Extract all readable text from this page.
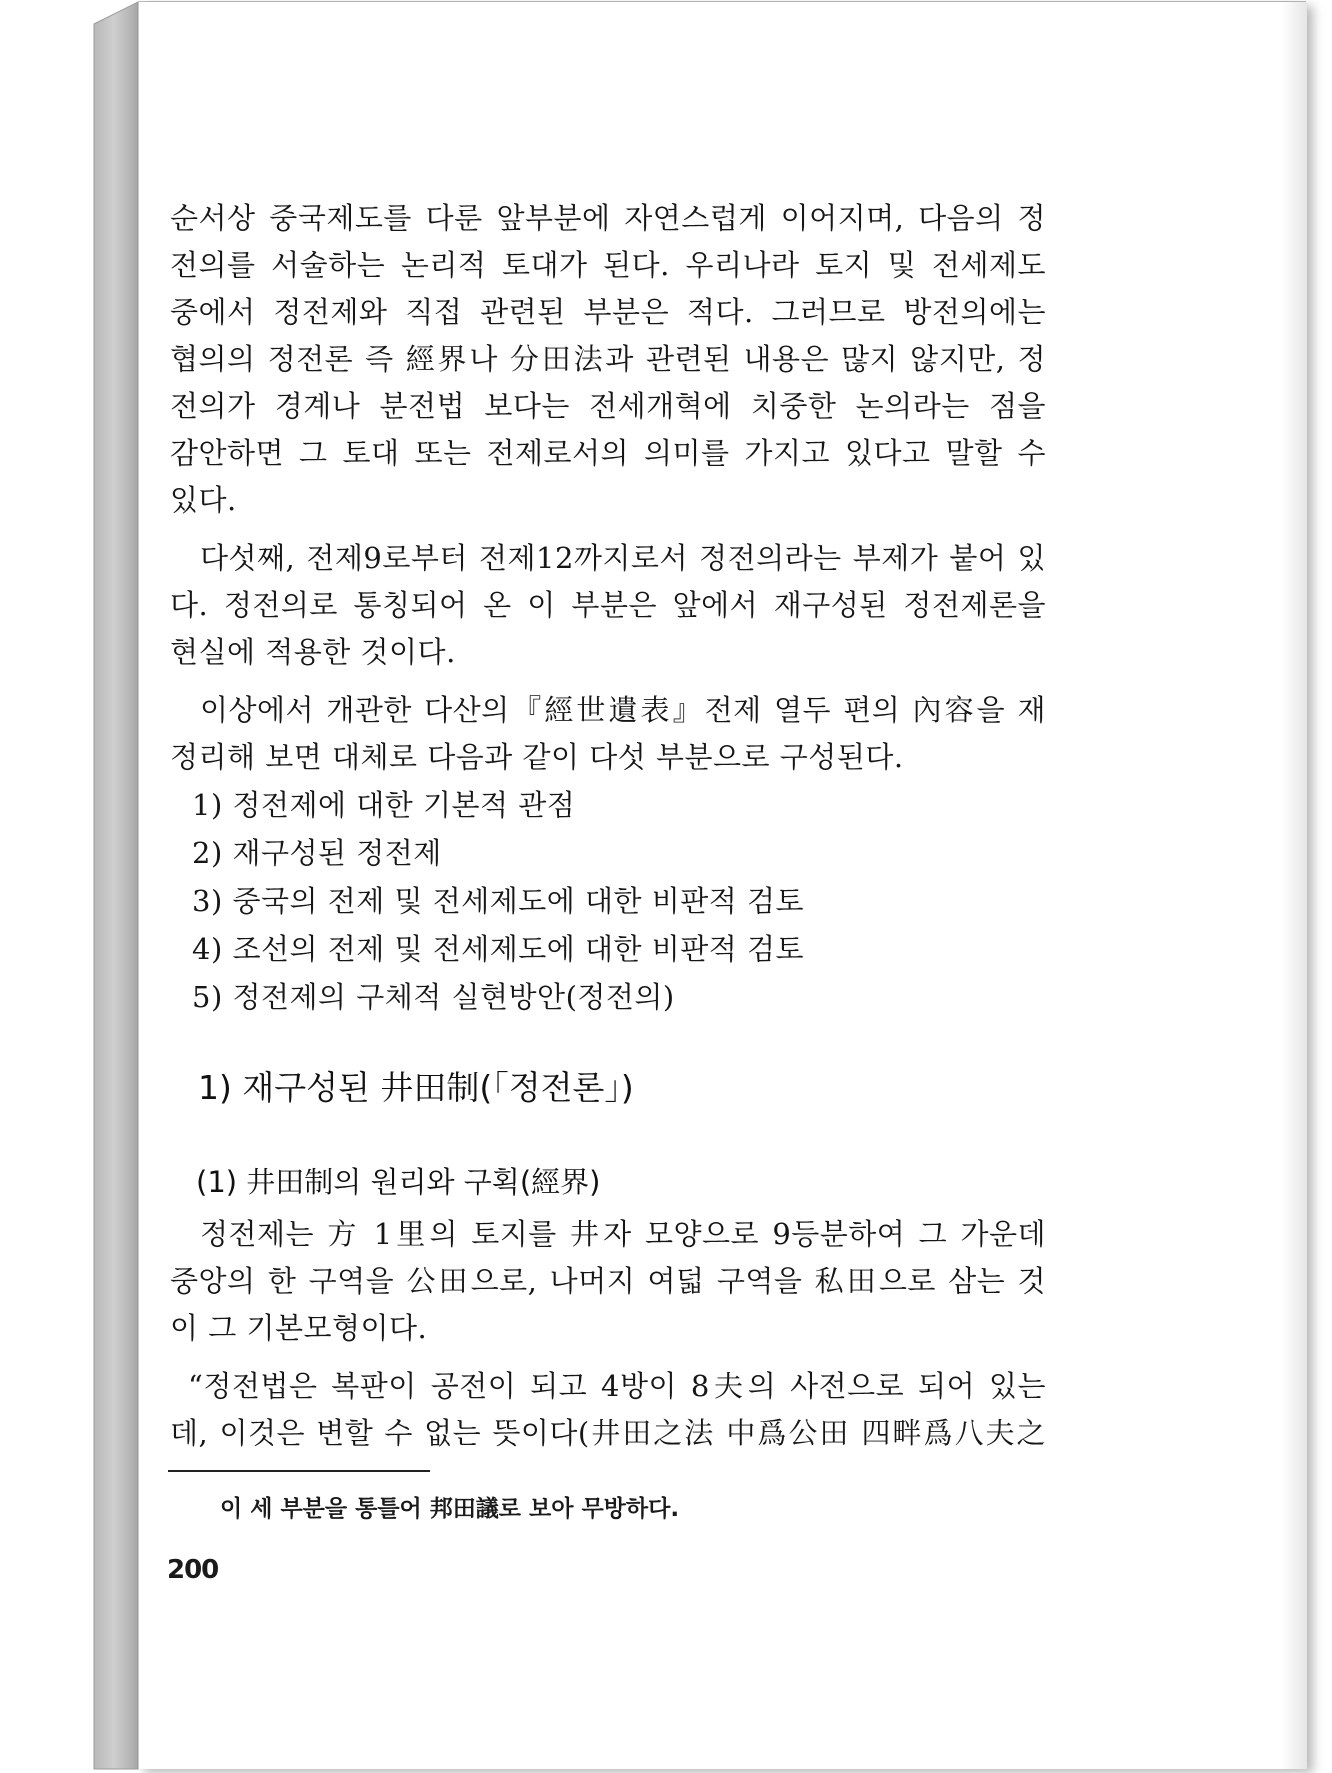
순서상 중국제도를 다룬 앞부분에 자연스럽게 이어지며, 다음의 정
전의를 서술하는 논리적 토대가 된다. 우리나라 토지 및 전세제도
중에서 정전제와 직접 관련된 부분은 적다. 그러므로 방전의에는
협의의 정전론 즉 經界나 分田法과 관련된 내용은 많지 않지만, 정
전의가 경계나 분전법 보다는 전세개혁에 치중한 논의라는 점을
감안하면 그 토대 또는 전제로서의 의미를 가지고 있다고 말할 수
있다.
다섯째, 전제9로부터 전제12까지로서 정전의라는 부제가 붙어 있
다. 정전의로 통칭되어 온 이 부분은 앞에서 재구성된 정전제론을
현실에 적용한 것이다.
이상에서 개관한 다산의『經世遺表』전제 열두 편의 內容을 재
정리해 보면 대체로 다음과 같이 다섯 부분으로 구성된다.
1) 정전제에 대한 기본적 관점
2) 재구성된 정전제
3) 중국의 전제 및 전세제도에 대한 비판적 검토
4) 조선의 전제 및 전세제도에 대한 비판적 검토
5) 정전제의 구체적 실현방안(정전의)
1) 재구성된 井田制(「정전론」)
(1) 井田制의 원리와 구획(經界)
정전제는 方 1里의 토지를 井자 모양으로 9등분하여 그 가운데
중앙의 한 구역을 公田으로, 나머지 여덟 구역을 私田으로 삼는 것
이 그 기본모형이다.
“정전법은 복판이 공전이 되고 4방이 8夫의 사전으로 되어 있는
데, 이것은 변할 수 없는 뜻이다(井田之法 中爲公田 四畔爲八夫之
이 세 부분을 통틀어 邦田議로 보아 무방하다.
200
